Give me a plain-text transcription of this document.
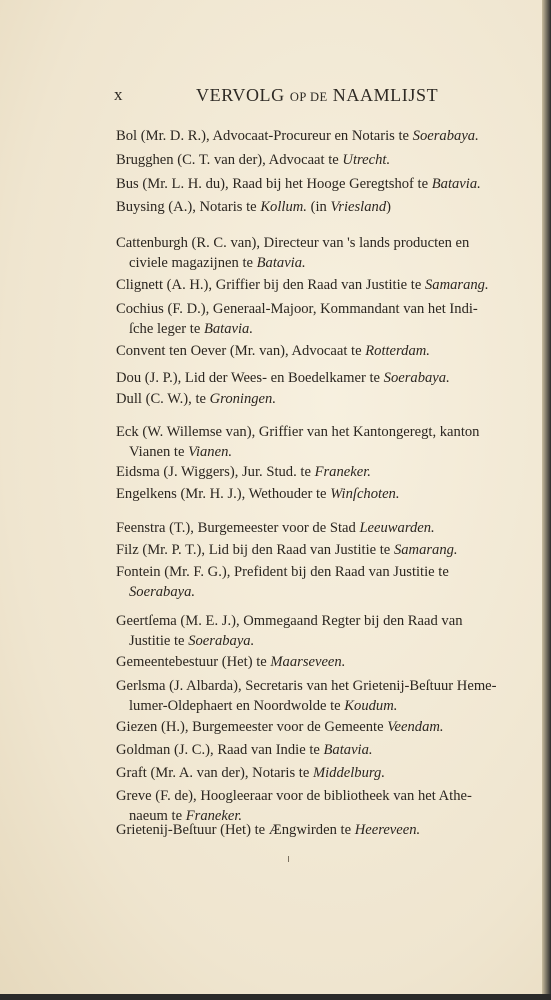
x	VERVOLG OP DE NAAMLIJST
Bol (Mr. D. R.), Advocaat-Procureur en Notaris te Soerabaya.
Brugghen (C. T. van der), Advocaat te Utrecht.
Bus (Mr. L. H. du), Raad bij het Hooge Geregtshof te Batavia.
Buysing (A.), Notaris te Kollum. (in Vriesland)
Cattenburgh (R. C. van), Directeur van 's lands producten en
civiele magazijnen te Batavia.
Clignett (A. H.), Griffier bij den Raad van Justitie te Samarang.
Cochius (F. D.), Generaal-Majoor, Kommandant van het Indi-
ſche leger te Batavia.
Convent ten Oever (Mr. van), Advocaat te Rotterdam.
Dou (J. P.), Lid der Wees- en Boedelkamer te Soerabaya.
Dull (C. W.), te Groningen.
Eck (W. Willemse van), Griffier van het Kantongeregt, kanton
Vianen te Vianen.
Eidsma (J. Wiggers), Jur. Stud. te Franeker.
Engelkens (Mr. H. J.), Wethouder te Winſchoten.
Feenstra (T.), Burgemeester voor de Stad Leeuwarden.
Filz (Mr. P. T.), Lid bij den Raad van Justitie te Samarang.
Fontein (Mr. F. G.), Prefident bij den Raad van Justitie te
Soerabaya.
Geertſema (M. E. J.), Ommegaand Regter bij den Raad van
Justitie te Soerabaya.
Gemeentebestuur (Het) te Maarseveen.
Gerlsma (J. Albarda), Secretaris van het Grietenij-Beſtuur Heme-
lumer-Oldephaert en Noordwolde te Koudum.
Giezen (H.), Burgemeester voor de Gemeente Veendam.
Goldman (J. C.), Raad van Indie te Batavia.
Graft (Mr. A. van der), Notaris te Middelburg.
Greve (F. de), Hoogleeraar voor de bibliotheek van het Athe-
naeum te Franeker.
Grietenij-Beſtuur (Het) te Ængwirden te Heereveen.
